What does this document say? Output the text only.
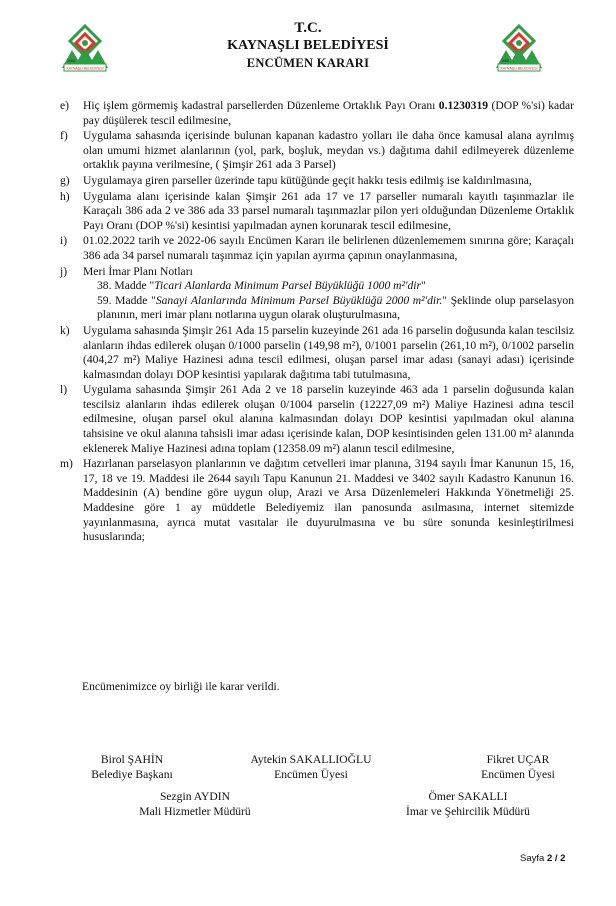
KAYNAŞLI BELEDİYESİ
1968
T.C.
KAYNAŞLI BELEDİYESİ
ENCÜMEN KARARI	KAYNAŞLI BELEDİYESİ
1968
e)	Hiç işlem görmemiş kadastral parsellerden Düzenleme Ortaklık Payı Oranı 0.1230319 (DOP %'si) kadar pay düşülerek tescil edilmesine,
f)	Uygulama sahasında içerisinde bulunan kapanan kadastro yolları ile daha önce kamusal alana ayrılmış olan umumi hizmet alanlarının (yol, park, boşluk, meydan vs.) dağıtıma dahil edilmeyerek düzenleme ortaklık payına verilmesine, ( Şimşir 261 ada 3 Parsel)
g)	Uygulamaya giren parseller üzerinde tapu kütüğünde geçit hakkı tesis edilmiş ise kaldırılmasına,
h)	Uygulama alanı içerisinde kalan Şimşir 261 ada 17 ve 17 parseller numaralı kayıtlı taşınmazlar ile Karaçalı 386 ada 2 ve 386 ada 33 parsel numaralı taşınmazlar pilon yeri olduğundan Düzenleme Ortaklık Payı Oranı (DOP %'si) kesintisi yapılmadan aynen korunarak tescil edilmesine,
i)	01.02.2022 tarih ve 2022-06 sayılı Encümen Kararı ile belirlenen düzenlememem sınırına göre; Karaçalı 386 ada 34 parsel numaralı taşınmaz için yapılan ayırma çapının onaylanmasına,
j)	Meri İmar Planı Notları
38. Madde "Ticari Alanlarda Minimum Parsel Büyüklüğü 1000 m²'dir"
59. Madde "Sanayi Alanlarında Minimum Parsel Büyüklüğü 2000 m²'dir." Şeklinde olup parselasyon planının, meri imar planı notlarına uygun olarak oluşturulmasına,
k)	Uygulama sahasında Şimşir 261 Ada 15 parselin kuzeyinde 261 ada 16 parselin doğusunda kalan tescilsiz alanların ihdas edilerek oluşan 0/1000 parselin (149,98 m²), 0/1001 parselin (261,10 m²), 0/1002 parselin (404,27 m²) Maliye Hazinesi adına tescil edilmesi, oluşan parsel imar adası (sanayi adası) içerisinde kalmasından dolayı DOP kesintisi yapılarak dağıtıma tabi tutulmasına,
l)	Uygulama sahasında Şimşir 261 Ada 2 ve 18 parselin kuzeyinde 463 ada 1 parselin doğusunda kalan tescilsiz alanların ihdas edilerek oluşan 0/1004 parselin (12227,09 m²) Maliye Hazinesi adına tescil edilmesine, oluşan parsel okul alanına kalmasından dolayı DOP kesintisi yapılmadan okul alanına tahsisine ve okul alanına tahsisli imar adası içerisinde kalan, DOP kesintisinden gelen 131.00 m² alanında eklenerek Maliye Hazinesi adına toplam (12358.09 m²) alanın tescil edilmesine,
m) Hazırlanan parselasyon planlarının ve dağıtım cetvelleri imar planına, 3194 sayılı İmar Kanunun 15, 16, 17, 18 ve 19. Maddesi ile 2644 sayılı Tapu Kanunun 21. Maddesi ve 3402 sayılı Kadastro Kanunun 16. Maddesinin (A) bendine göre uygun olup, Arazi ve Arsa Düzenlemeleri Hakkında Yönetmeliği 25. Maddesine göre 1 ay müddetle Belediyemiz ilan panosunda asılmasına, internet sitemizde yayınlanmasına, ayrıca mutat vasıtalar ile duyurulmasına ve bu süre sonunda kesinleştirilmesi hususlarında;
Encümenimizce oy birliği ile karar verildi.
Birol ŞAHİN
Belediye Başkanı
Aytekin SAKALLIOĞLU
Encümen Üyesi
Fikret UÇAR
Encümen Üyesi
Sezgin AYDIN
Mali Hizmetler Müdürü
Ömer SAKALLI
İmar ve Şehircilik Müdürü
Sayfa 2 / 2
